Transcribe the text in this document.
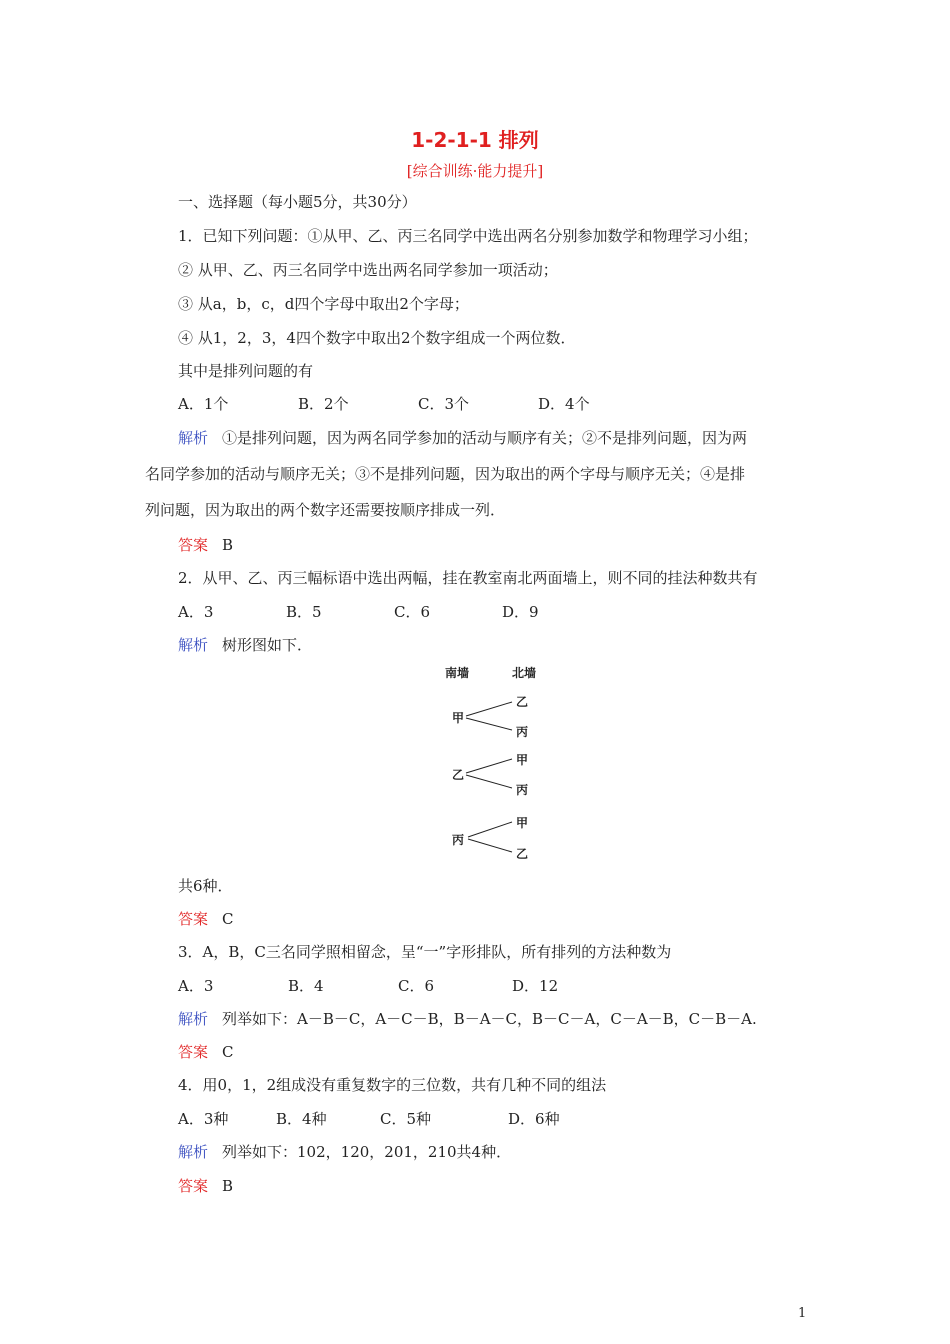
1-2-1-1 排列
[综合训练·能力提升]
一、选择题（每小题5分，共30分）
1．已知下列问题：①从甲、乙、丙三名同学中选出两名分别参加数学和物理学习小组；
② 从甲、乙、丙三名同学中选出两名同学参加一项活动；
③ 从a，b，c，d四个字母中取出2个字母；
④ 从1，2，3，4四个数字中取出2个数字组成一个两位数．
其中是排列问题的有
A．1个	B．2个	C．3个	D．4个
解析 ①是排列问题，因为两名同学参加的活动与顺序有关；②不是排列问题，因为两
名同学参加的活动与顺序无关；③不是排列问题，因为取出的两个字母与顺序无关；④是排
列问题，因为取出的两个数字还需要按顺序排成一列．
答案 B
2．从甲、乙、丙三幅标语中选出两幅，挂在教室南北两面墙上，则不同的挂法种数共有
A．3	B．5	C．6	D．9
解析 树形图如下．
南墙	北墙
甲
乙
丙
乙
甲
丙
丙
甲
乙
共6种．
答案 C
3．A，B，C三名同学照相留念，呈“一”字形排队，所有排列的方法种数为
A．3	B．4	C．6	D．12
解析 列举如下：A－B－C，A－C－B，B－A－C，B－C－A，C－A－B，C－B－A.
答案 C
4．用0，1，2组成没有重复数字的三位数，共有几种不同的组法
A．3种	B．4种	C．5种	D．6种
解析 列举如下：102，120，201，210共4种．
答案 B
1
